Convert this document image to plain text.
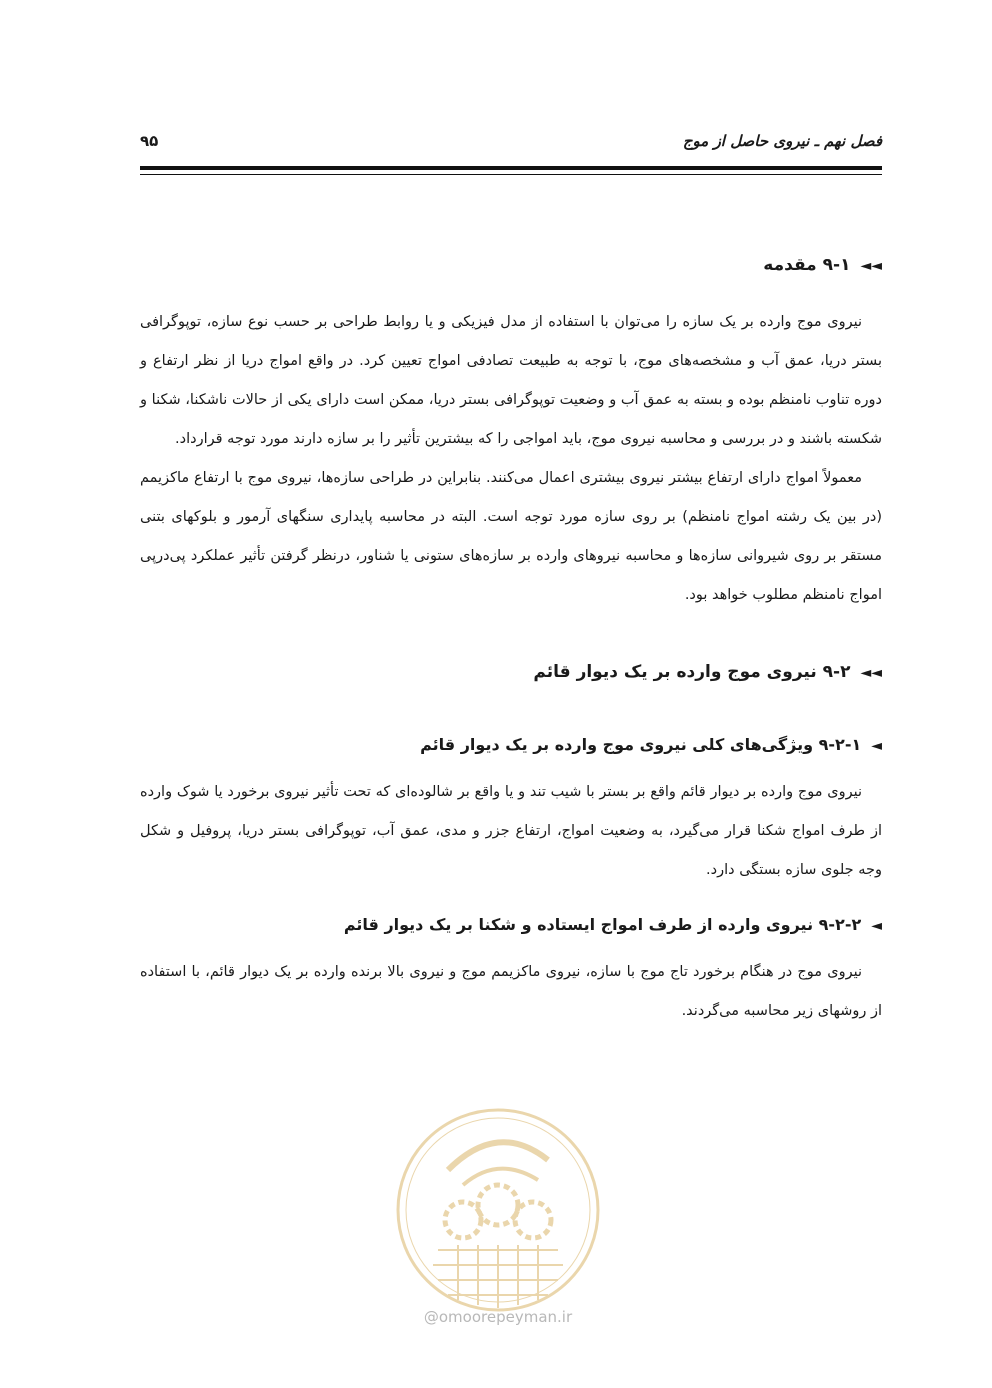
فصل نهم ـ نیروی حاصل از موج
۹۵
◄◄۹-۱ مقدمه

نیروی موج وارده بر یک سازه را می‌توان با استفاده از مدل فیزیکی و یا روابط طراحی بر حسب نوع سازه، توپوگرافی بستر دریا، عمق آب و مشخصه‌های موج، با توجه به طبیعت تصادفی امواج تعیین کرد. در واقع امواج دریا از نظر ارتفاع و دوره تناوب نامنظم بوده و بسته به عمق آب و وضعیت توپوگرافی بستر دریا، ممکن است دارای یکی از حالات ناشکنا، شکنا و شکسته باشند و در بررسی و محاسبه نیروی موج، باید امواجی را که بیشترین تأثیر را بر سازه دارند مورد توجه قرارداد.

معمولاً امواج دارای ارتفاع بیشتر نیروی بیشتری اعمال می‌کنند. بنابراین در طراحی سازه‌ها، نیروی موج با ارتفاع ماکزیمم (در بین یک رشته امواج نامنظم) بر روی سازه مورد توجه است. البته در محاسبه پایداری سنگهای آرمور و بلوکهای بتنی مستقر بر روی شیروانی سازه‌ها و محاسبه نیروهای وارده بر سازه‌های ستونی یا شناور، درنظر گرفتن تأثیر عملکرد پی‌درپی امواج نامنظم مطلوب خواهد بود.

◄◄۹-۲ نیروی موج وارده بر یک دیوار قائم
◄۹-۲-۱ ویژگی‌های کلی نیروی موج وارده بر یک دیوار قائم

نیروی موج وارده بر دیوار قائم واقع بر بستر با شیب تند و یا واقع بر شالوده‌ای که تحت تأثیر نیروی برخورد یا شوک وارده از طرف امواج شکنا قرار می‌گیرد، به وضعیت امواج، ارتفاع جزر و مدی، عمق آب، توپوگرافی بستر دریا، پروفیل و شکل وجه جلوی سازه بستگی دارد.

◄۹-۲-۲ نیروی وارده از طرف امواج ایستاده و شکنا بر یک دیوار قائم

نیروی موج در هنگام برخورد تاج موج با سازه، نیروی ماکزیمم موج و نیروی بالا برنده وارده بر یک دیوار قائم، با استفاده از روشهای زیر محاسبه می‌گردند.

@omoorepeyman.ir
